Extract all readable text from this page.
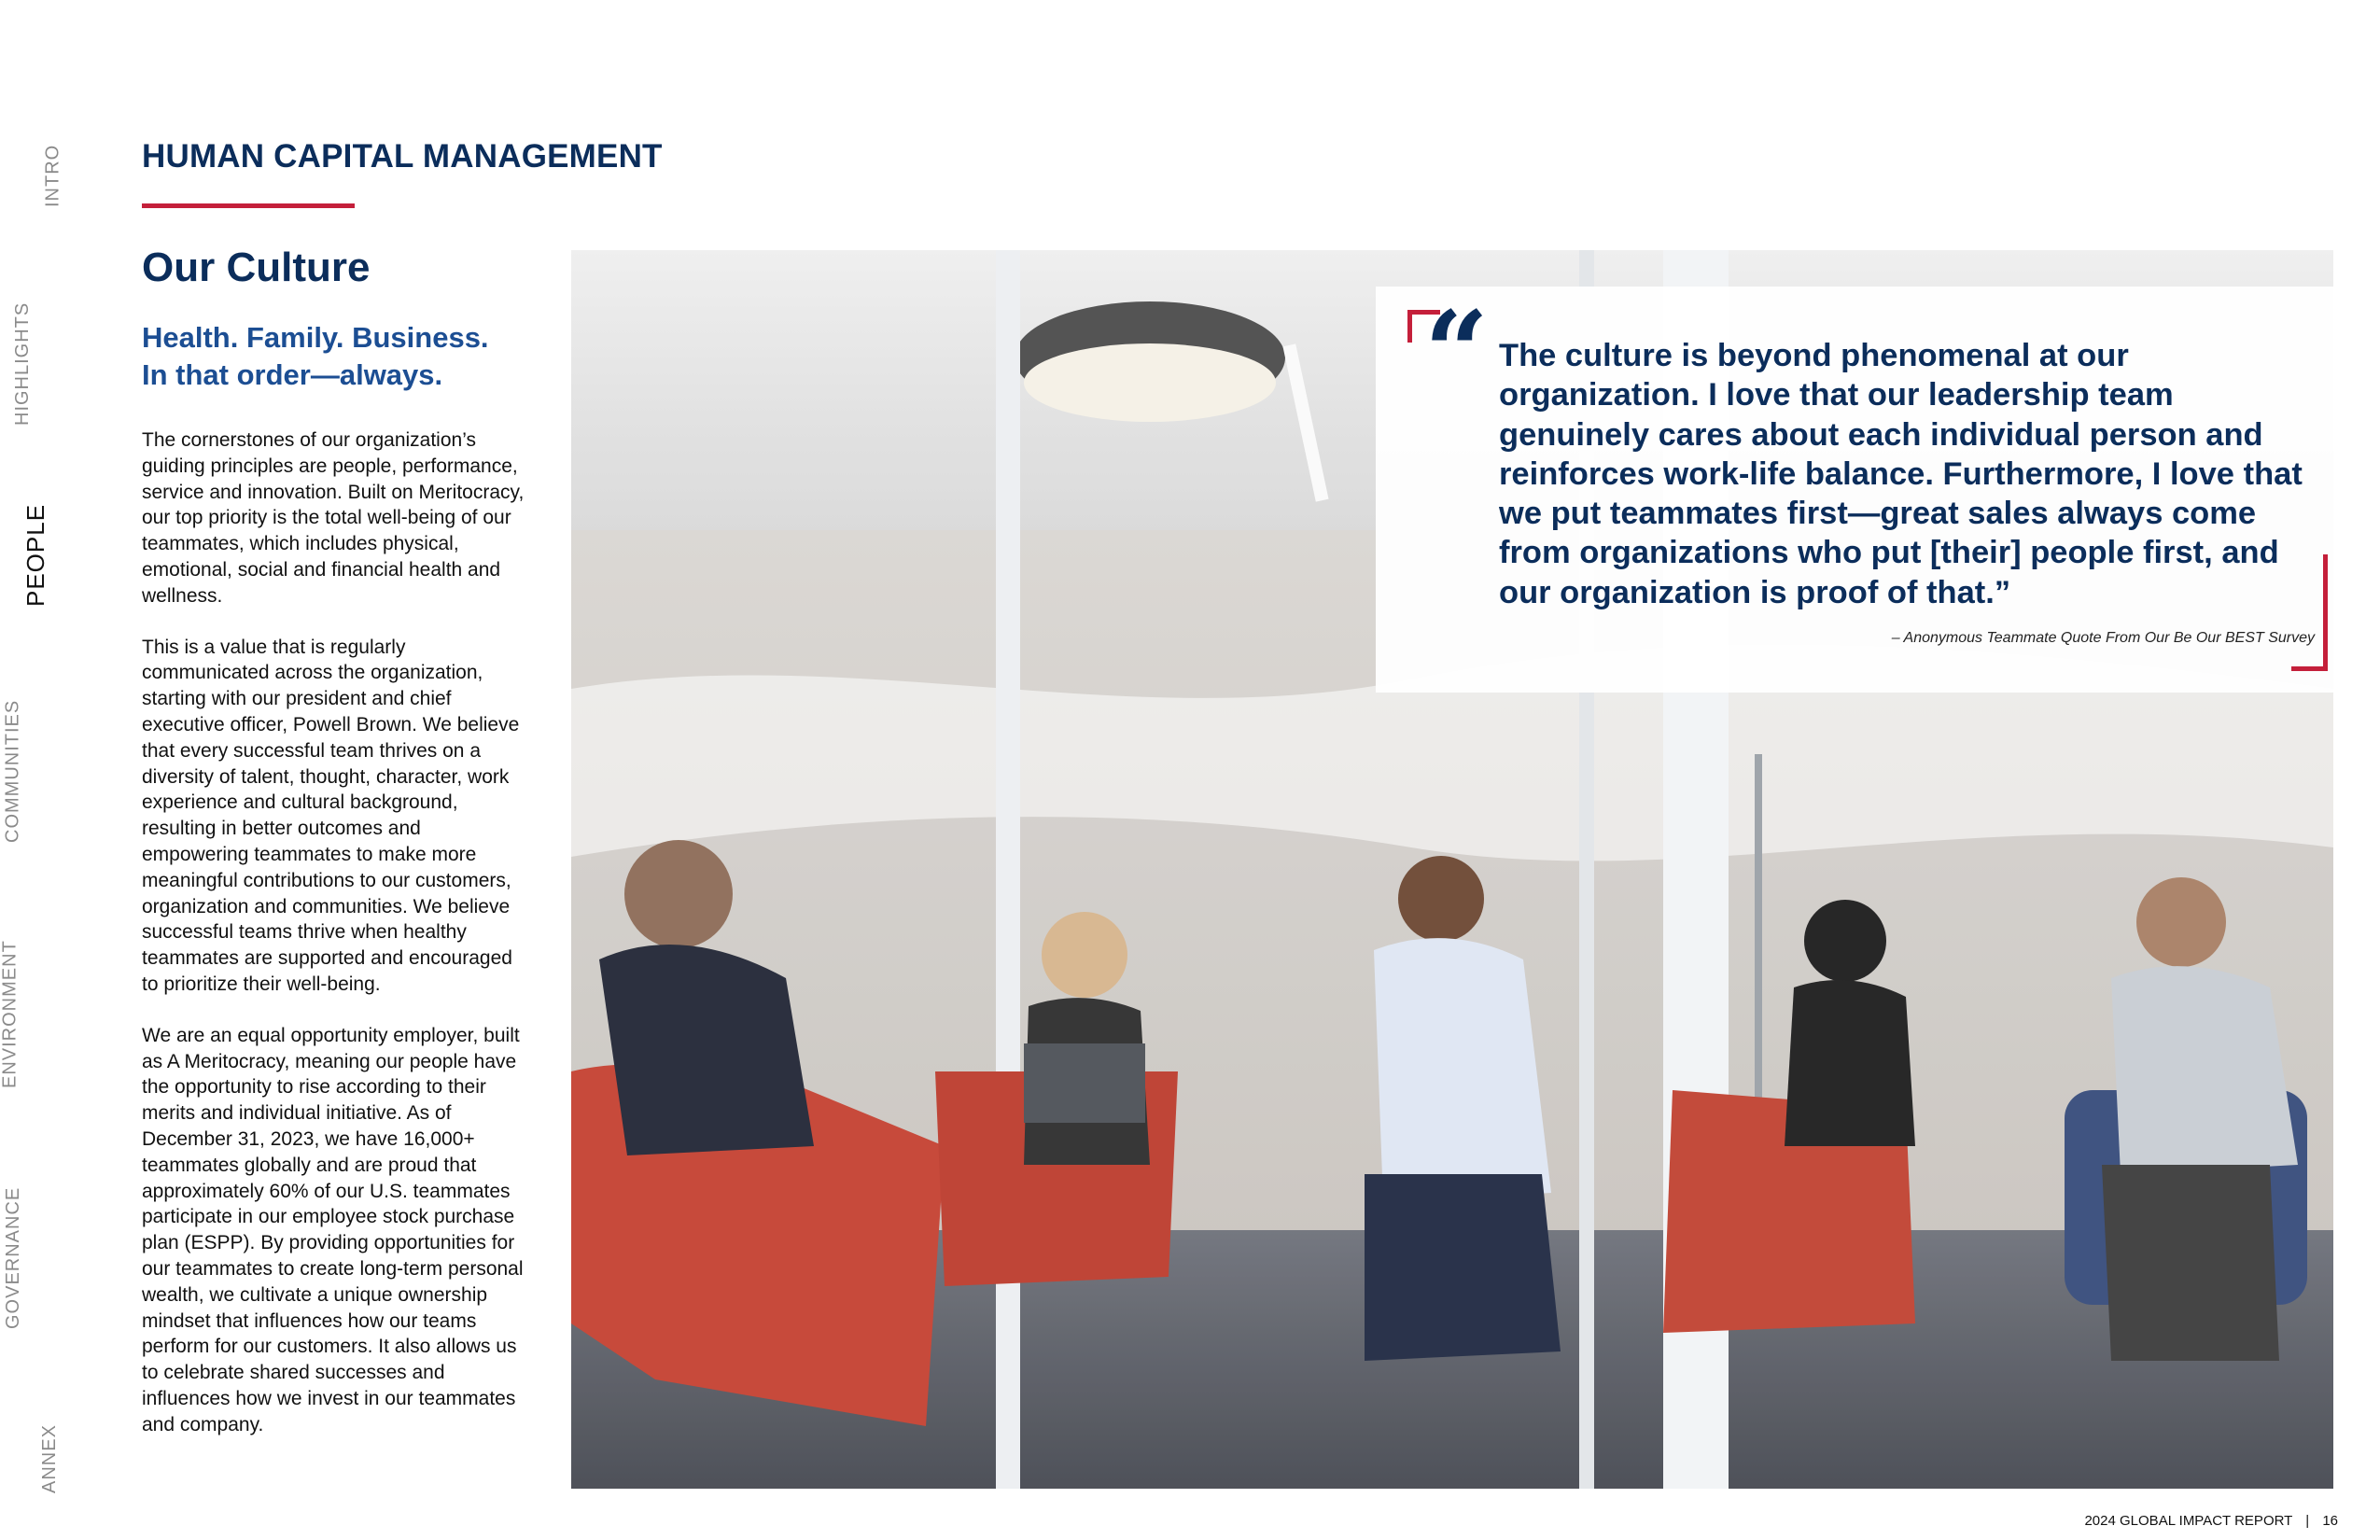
INTRO
HIGHLIGHTS
PEOPLE
COMMUNITIES
ENVIRONMENT
GOVERNANCE
ANNEX
HUMAN CAPITAL MANAGEMENT
Our Culture
Health. Family. Business.
In that order—always.

The cornerstones of our organization’s guiding principles are people, performance, service and innovation. Built on Meritocracy, our top priority is the total well-being of our teammates, which includes physical, emotional, social and financial health and wellness.

This is a value that is regularly communicated across the organization, starting with our president and chief executive officer, Powell Brown. We believe that every successful team thrives on a diversity of talent, thought, character, work experience and cultural background, resulting in better outcomes and empowering teammates to make more meaningful contributions to our customers, organization and communities. We believe successful teams thrive when healthy teammates are supported and encouraged to prioritize their well-being.

We are an equal opportunity employer, built as A Meritocracy, meaning our people have the opportunity to rise according to their merits and individual initiative. As of December 31, 2023, we have 16,000+ teammates globally and are proud that approximately 60% of our U.S. teammates participate in our employee stock purchase plan (ESPP). By providing opportunities for our teammates to create long-term personal wealth, we cultivate a unique ownership mindset that influences how our teams perform for our customers. It also allows us to celebrate shared successes and influences how we invest in our teammates and company.

“ The culture is beyond phenomenal at our organization. I love that our leadership team genuinely cares about each individual person and reinforces work-life balance. Furthermore, I love that we put teammates first—great sales always come from organizations who put [their] people first, and our organization is proof of that.”
– Anonymous Teammate Quote From Our Be Our BEST Survey
2024 GLOBAL IMPACT REPORT | 16
